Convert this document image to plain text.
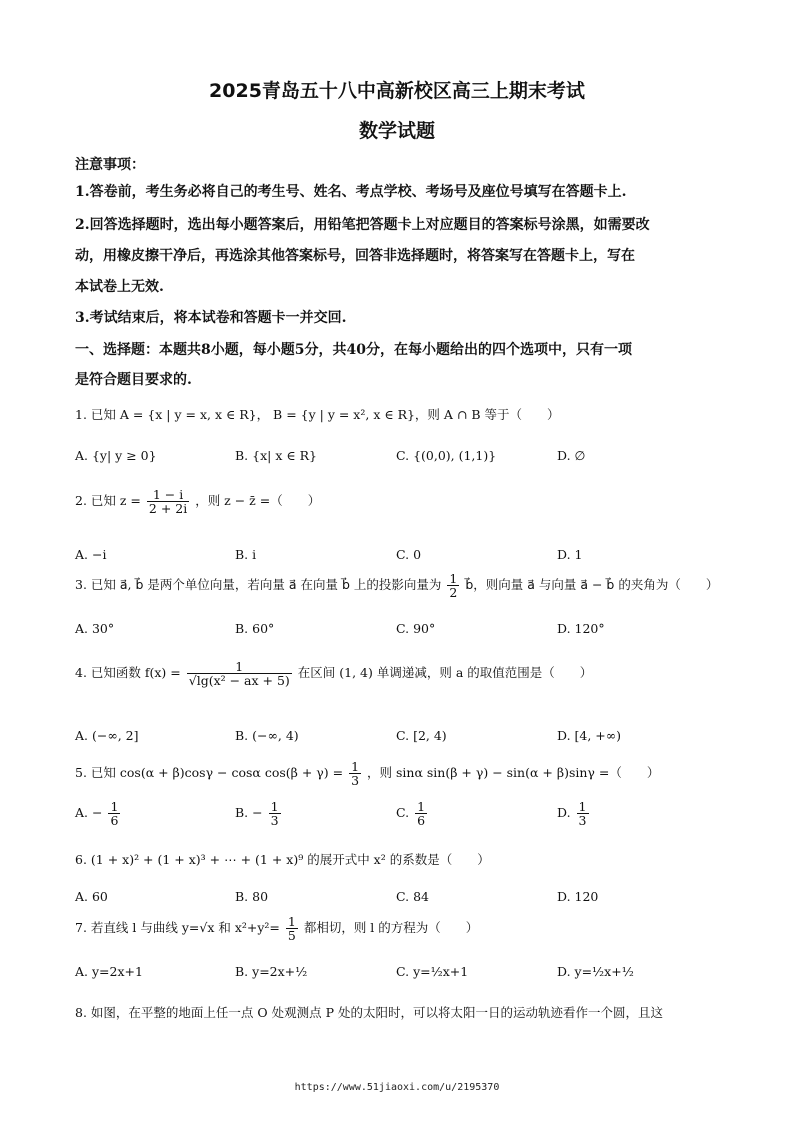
2025青岛五十八中高新校区高三上期末考试
数学试题
注意事项：
1.答卷前，考生务必将自己的考生号、姓名、考点学校、考场号及座位号填写在答题卡上.
2.回答选择题时，选出每小题答案后，用铅笔把答题卡上对应题目的答案标号涂黑，如需要改
动，用橡皮擦干净后，再选涂其他答案标号，回答非选择题时，将答案写在答题卡上，写在
本试卷上无效.
3.考试结束后，将本试卷和答题卡一并交回.
一、选择题：本题共8小题，每小题5分，共40分，在每小题给出的四个选项中，只有一项
是符合题目要求的.
1. 已知 A = {x | y = x, x ∈ R}， B = {y | y = x², x ∈ R}，则 A ∩ B 等于（　　）
A. {y| y ≥ 0}	B. {x| x ∈ R}	C. {(0,0), (1,1)}	D. ∅
2. 已知 $z = \frac{1 - i}{2 + 2i}$ ，则 z − z̄ =（　　）
A. −i	B. i	C. 0	D. 1
3. 已知 a⃗, b⃗ 是两个单位向量，若向量 a⃗ 在向量 b⃗ 上的投影向量为 $\frac{1}{2}$ b⃗，则向量 a⃗ 与向量 a⃗ − b⃗ 的夹角为（　　）
A. 30°	B. 60°	C. 90°	D. 120°
4. 已知函数 $f(x) = \frac{1}{\text{√lg(x² − ax + 5)}}$ 在区间 (1, 4) 单调递减，则 a 的取值范围是（　　）
A. (−∞, 2]	B. (−∞, 4)	C. [2, 4)	D. [4, +∞)
5. 已知 cos(α + β)cosγ − cosα $\cos(\beta + \gamma) = \frac{1}{3}$ ，则 sinα sin(β + γ) − sin(α + β)sinγ =（　　）
A. − $\frac{1}{6}$	B. − $\frac{1}{3}$	C. $\frac{1}{6}$	D. $\frac{1}{3}$
6. (1 + x)² + (1 + x)³ + ⋯ + (1 + x)⁹ 的展开式中 x² 的系数是（　　）
A. 60	B. 80	C. 84	D. 120
7. 若直线 l 与曲线 y=√x 和 $x^2+y^2= \frac{1}{5}$ 都相切，则 l 的方程为（　　）
A. y=2x+1	B. y=2x+½	C. y=½x+1	D. y=½x+½
8. 如图，在平整的地面上任一点 O 处观测点 P 处的太阳时，可以将太阳一日的运动轨迹看作一个圆，且这
https://www.51jiaoxi.com/u/2195370
